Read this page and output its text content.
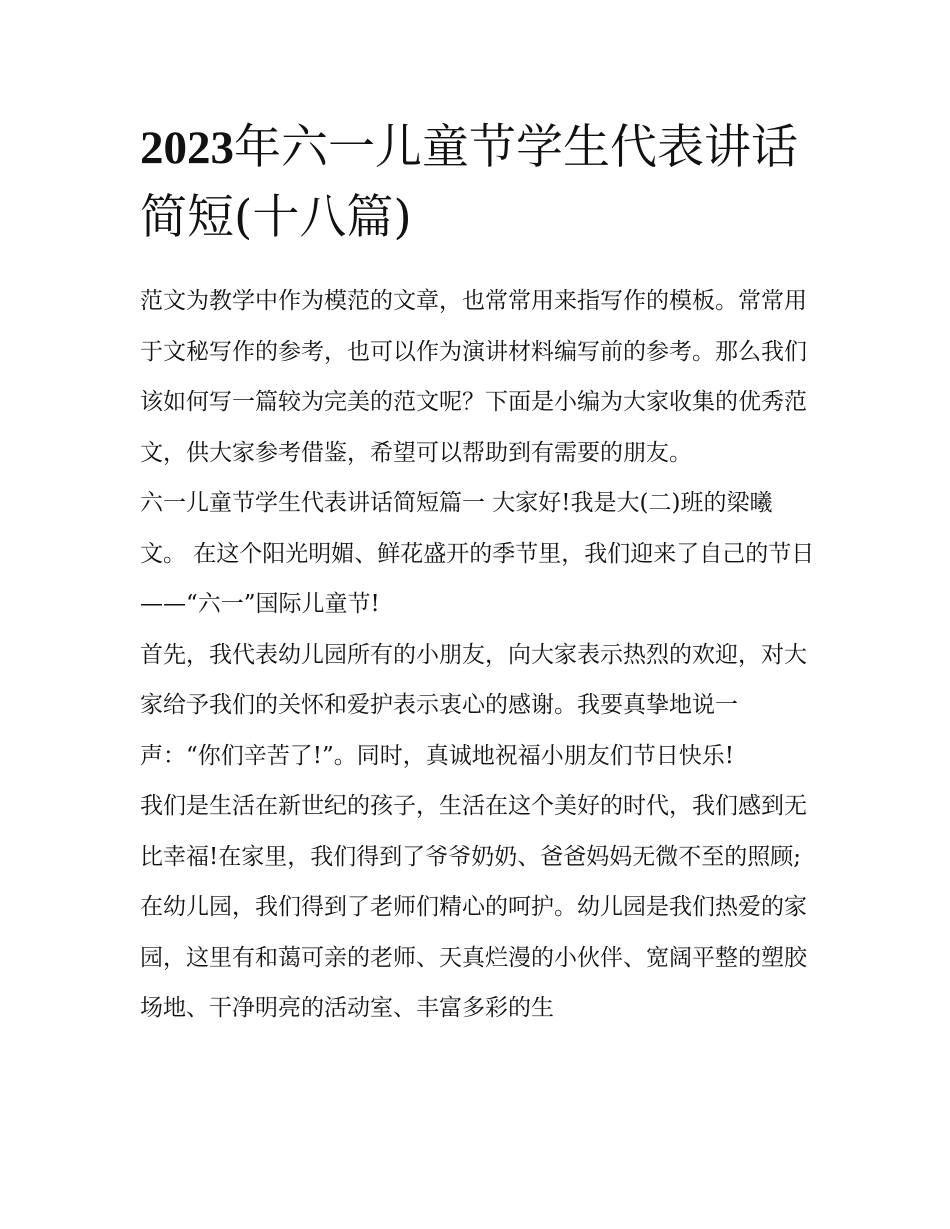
2023年六一儿童节学生代表讲话简短(十八篇)

范文为教学中作为模范的文章，也常常用来指写作的模板。常常用于文秘写作的参考，也可以作为演讲材料编写前的参考。那么我们该如何写一篇较为完美的范文呢？下面是小编为大家收集的优秀范文，供大家参考借鉴，希望可以帮助到有需要的朋友。

六一儿童节学生代表讲话简短篇一 大家好!我是大(二)班的梁曦文。 在这个阳光明媚、鲜花盛开的季节里，我们迎来了自己的节日——“六一”国际儿童节!

首先，我代表幼儿园所有的小朋友，向大家表示热烈的欢迎，对大家给予我们的关怀和爱护表示衷心的感谢。我要真挚地说一声：“你们辛苦了!”。同时，真诚地祝福小朋友们节日快乐!

我们是生活在新世纪的孩子，生活在这个美好的时代，我们感到无比幸福!在家里，我们得到了爷爷奶奶、爸爸妈妈无微不至的照顾;在幼儿园，我们得到了老师们精心的呵护。幼儿园是我们热爱的家园，这里有和蔼可亲的老师、天真烂漫的小伙伴、宽阔平整的塑胶场地、干净明亮的活动室、丰富多彩的生
